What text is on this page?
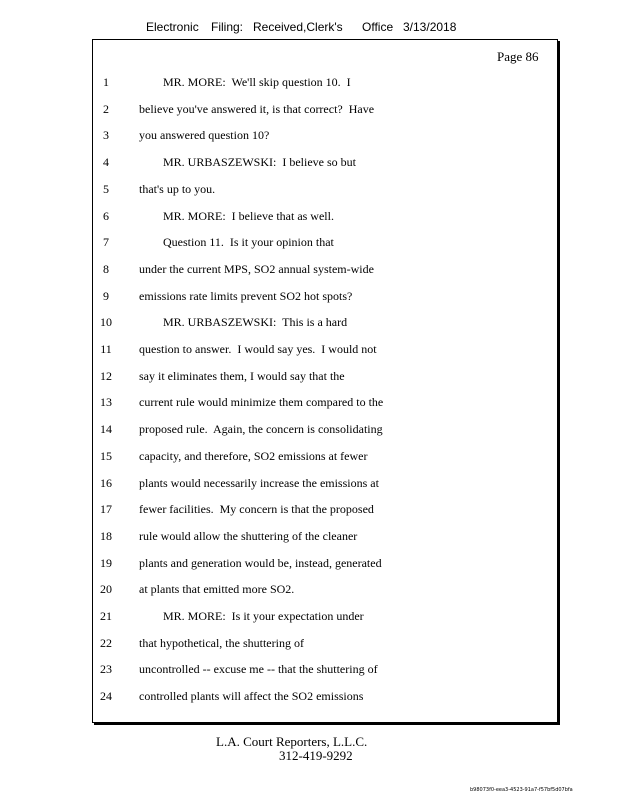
Electronic Filing: Received,Clerk's Office 3/13/2018
Page 86
1	MR. MORE:  We'll skip question 10.  I
2	believe you've answered it, is that correct?  Have
3	you answered question 10?
4	MR. URBASZEWSKI:  I believe so but
5	that's up to you.
6	MR. MORE:  I believe that as well.
7	Question 11.  Is it your opinion that
8	under the current MPS, SO2 annual system-wide
9	emissions rate limits prevent SO2 hot spots?
10	MR. URBASZEWSKI:  This is a hard
11	question to answer.  I would say yes.  I would not
12	say it eliminates them, I would say that the
13	current rule would minimize them compared to the
14	proposed rule.  Again, the concern is consolidating
15	capacity, and therefore, SO2 emissions at fewer
16	plants would necessarily increase the emissions at
17	fewer facilities.  My concern is that the proposed
18	rule would allow the shuttering of the cleaner
19	plants and generation would be, instead, generated
20	at plants that emitted more SO2.
21	MR. MORE:  Is it your expectation under
22	that hypothetical, the shuttering of
23	uncontrolled -- excuse me -- that the shuttering of
24	controlled plants will affect the SO2 emissions
L.A. Court Reporters, L.L.C.
312-419-9292
b98073f0-eea3-4523-91a7-f57bf5d07bfa
